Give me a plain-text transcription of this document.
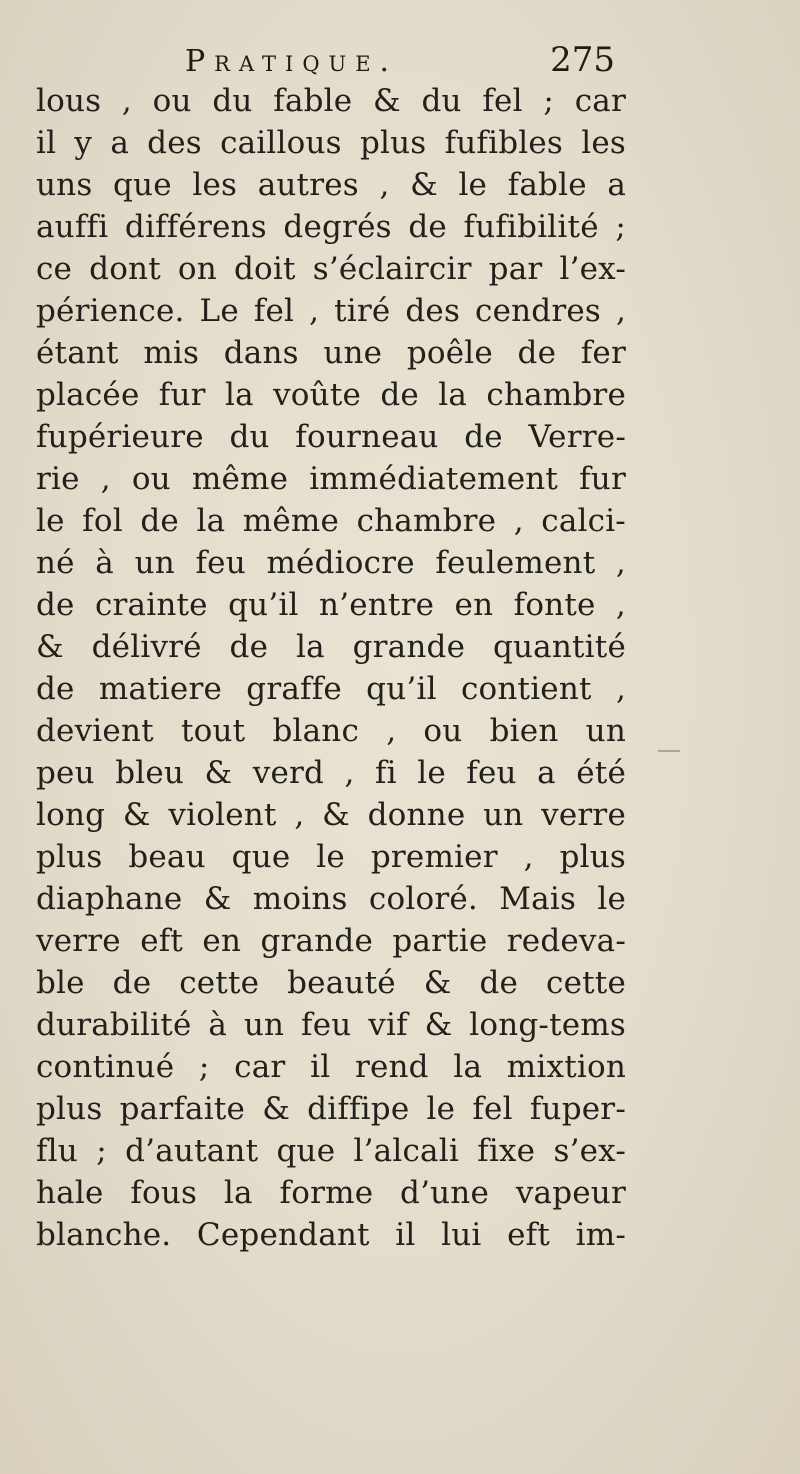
Pratique.	275
lous , ou du fable & du fel ; car
il y a des caillous plus fufibles les
uns que les autres , & le fable a
auffi différens degrés de fufibilité ;
ce dont on doit s’éclaircir par l’ex-
périence. Le fel , tiré des cendres ,
étant mis dans une poêle de fer
placée fur la voûte de la chambre
fupérieure du fourneau de Verre-
rie , ou même immédiatement fur
le fol de la même chambre , calci-
né à un feu médiocre feulement ,
de crainte qu’il n’entre en fonte ,
& délivré de la grande quantité
de matiere graffe qu’il contient ,
devient tout blanc , ou bien un
peu bleu & verd , fi le feu a été
long & violent , & donne un verre
plus beau que le premier , plus
diaphane & moins coloré. Mais le
verre eft en grande partie redeva-
ble de cette beauté & de cette
durabilité à un feu vif & long-tems
continué ; car il rend la mixtion
plus parfaite & diffipe le fel fuper-
flu ; d’autant que l’alcali fixe s’ex-
hale fous la forme d’une vapeur
blanche. Cependant il lui eft im-
